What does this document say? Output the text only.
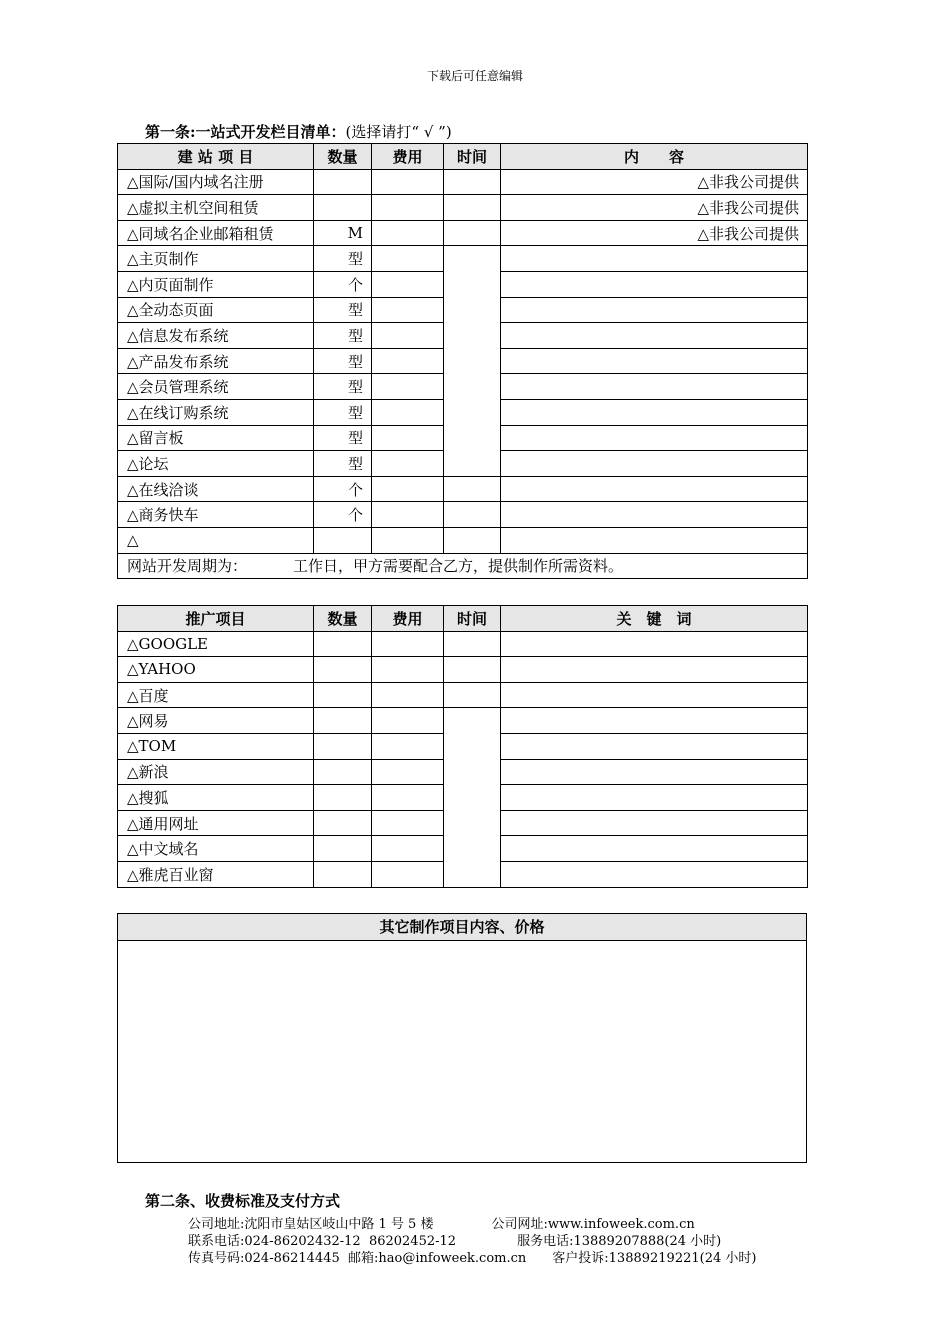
下载后可任意编辑
第一条:一站式开发栏目清单：(选择请打“ √ ”)
建 站 项 目	数量	费用	时间	内　　容
△国际/国内域名注册				△非我公司提供
△虚拟主机空间租赁				△非我公司提供
△同域名企业邮箱租赁	M			△非我公司提供
△主页制作	型			
△内页面制作	个			
△全动态页面	型			
△信息发布系统	型			
△产品发布系统	型			
△会员管理系统	型			
△在线订购系统	型			
△留言板	型			
△论坛	型			
△在线洽谈	个			
△商务快车	个			
△				
网站开发周期为： 工作日，甲方需要配合乙方，提供制作所需资料。				
推广项目	数量	费用	时间	关　键　词
△GOOGLE				
△YAHOO				
△百度				
△网易				
△TOM				
△新浪				
△搜狐				
△通用网址				
△中文域名				
△雅虎百业窗				
其它制作项目内容、价格
第二条、收费标准及支付方式
公司地址:沈阳市皇姑区岐山中路 1 号 5 楼	公司网址:www.infoweek.com.cn
联系电话:024-86202432-12  86202452-12	服务电话:13889207888(24 小时)
传真号码:024-86214445  邮箱:hao@infoweek.com.cn 客户投诉:13889219221(24 小时)
